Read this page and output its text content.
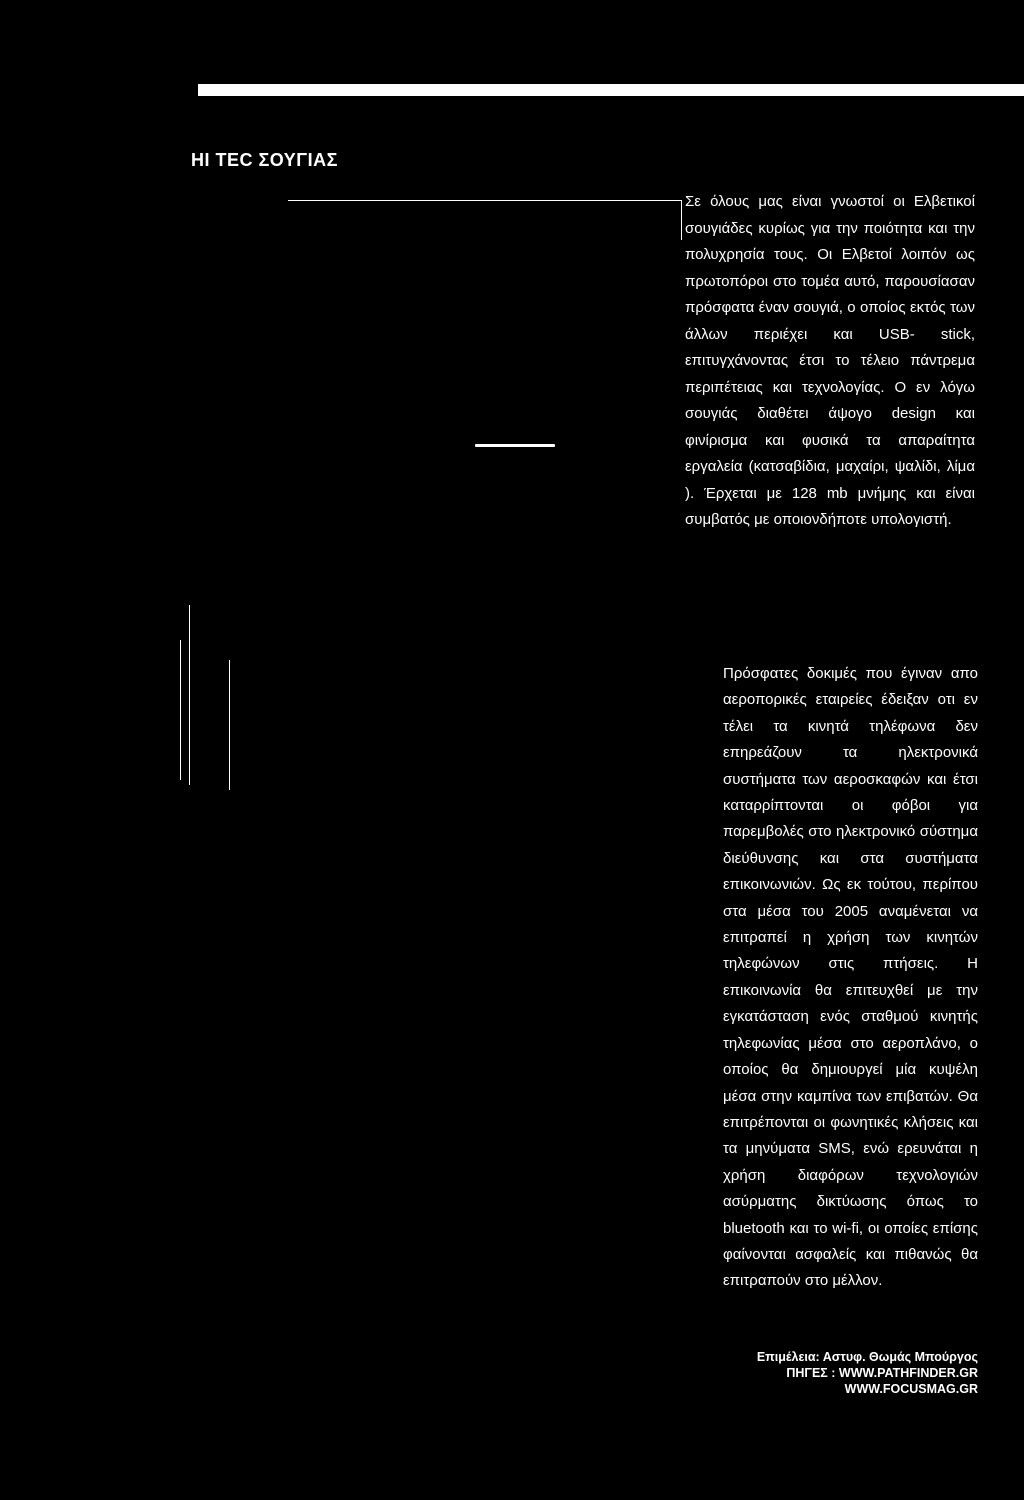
ΗΙ ΤΕC ΣΟΥΓΙΑΣ

Σε όλους μας είναι γνωστοί οι Ελβετικοί σουγιάδες κυρίως για την ποιότητα και την πολυχρησία τους. Οι Ελβετοί λοιπόν ως πρωτοπόροι στο τομέα αυτό, παρουσίασαν πρόσφατα έναν σουγιά, ο οποίος εκτός των άλλων περιέχει και USB- stick, επιτυγχάνοντας έτσι το τέλειο πάντρεμα περιπέτειας και τεχνολογίας. Ο εν λόγω σουγιάς διαθέτει άψογο design και φινίρισμα και φυσικά τα απαραίτητα εργαλεία (κατσαβίδια, μαχαίρι, ψαλίδι, λίμα ). Έρχεται με 128 mb μνήμης και είναι συμβατός με οποιονδήποτε υπολογιστή.

Πρόσφατες δοκιμές που έγιναν απο αεροπορικές εταιρείες έδειξαν οτι εν τέλει τα κινητά τηλέφωνα δεν επηρεάζουν τα ηλεκτρονικά συστήματα των αεροσκαφών και έτσι καταρρίπτονται οι φόβοι για παρεμβολές στο ηλεκτρονικό σύστημα διεύθυνσης και στα συστήματα επικοινωνιών. Ως εκ τούτου, περίπου στα μέσα του 2005 αναμένεται να επιτραπεί η χρήση των κινητών τηλεφώνων στις πτήσεις. Η επικοινωνία θα επιτευχθεί με την εγκατάσταση ενός σταθμού κινητής τηλεφωνίας μέσα στο αεροπλάνο, ο οποίος θα δημιουργεί μία κυψέλη μέσα στην καμπίνα των επιβατών. Θα επιτρέπονται οι φωνητικές κλήσεις και τα μηνύματα SMS, ενώ ερευνάται η χρήση διαφόρων τεχνολογιών ασύρματης δικτύωσης όπως το bluetooth και το wi-fi, οι οποίες επίσης φαίνονται ασφαλείς και πιθανώς θα επιτραπούν στο μέλλον.

Επιμέλεια: Αστυφ. Θωμάς Μπούργος
ΠΗΓΕΣ : WWW.PATHFINDER.GR
WWW.FOCUSMAG.GR
